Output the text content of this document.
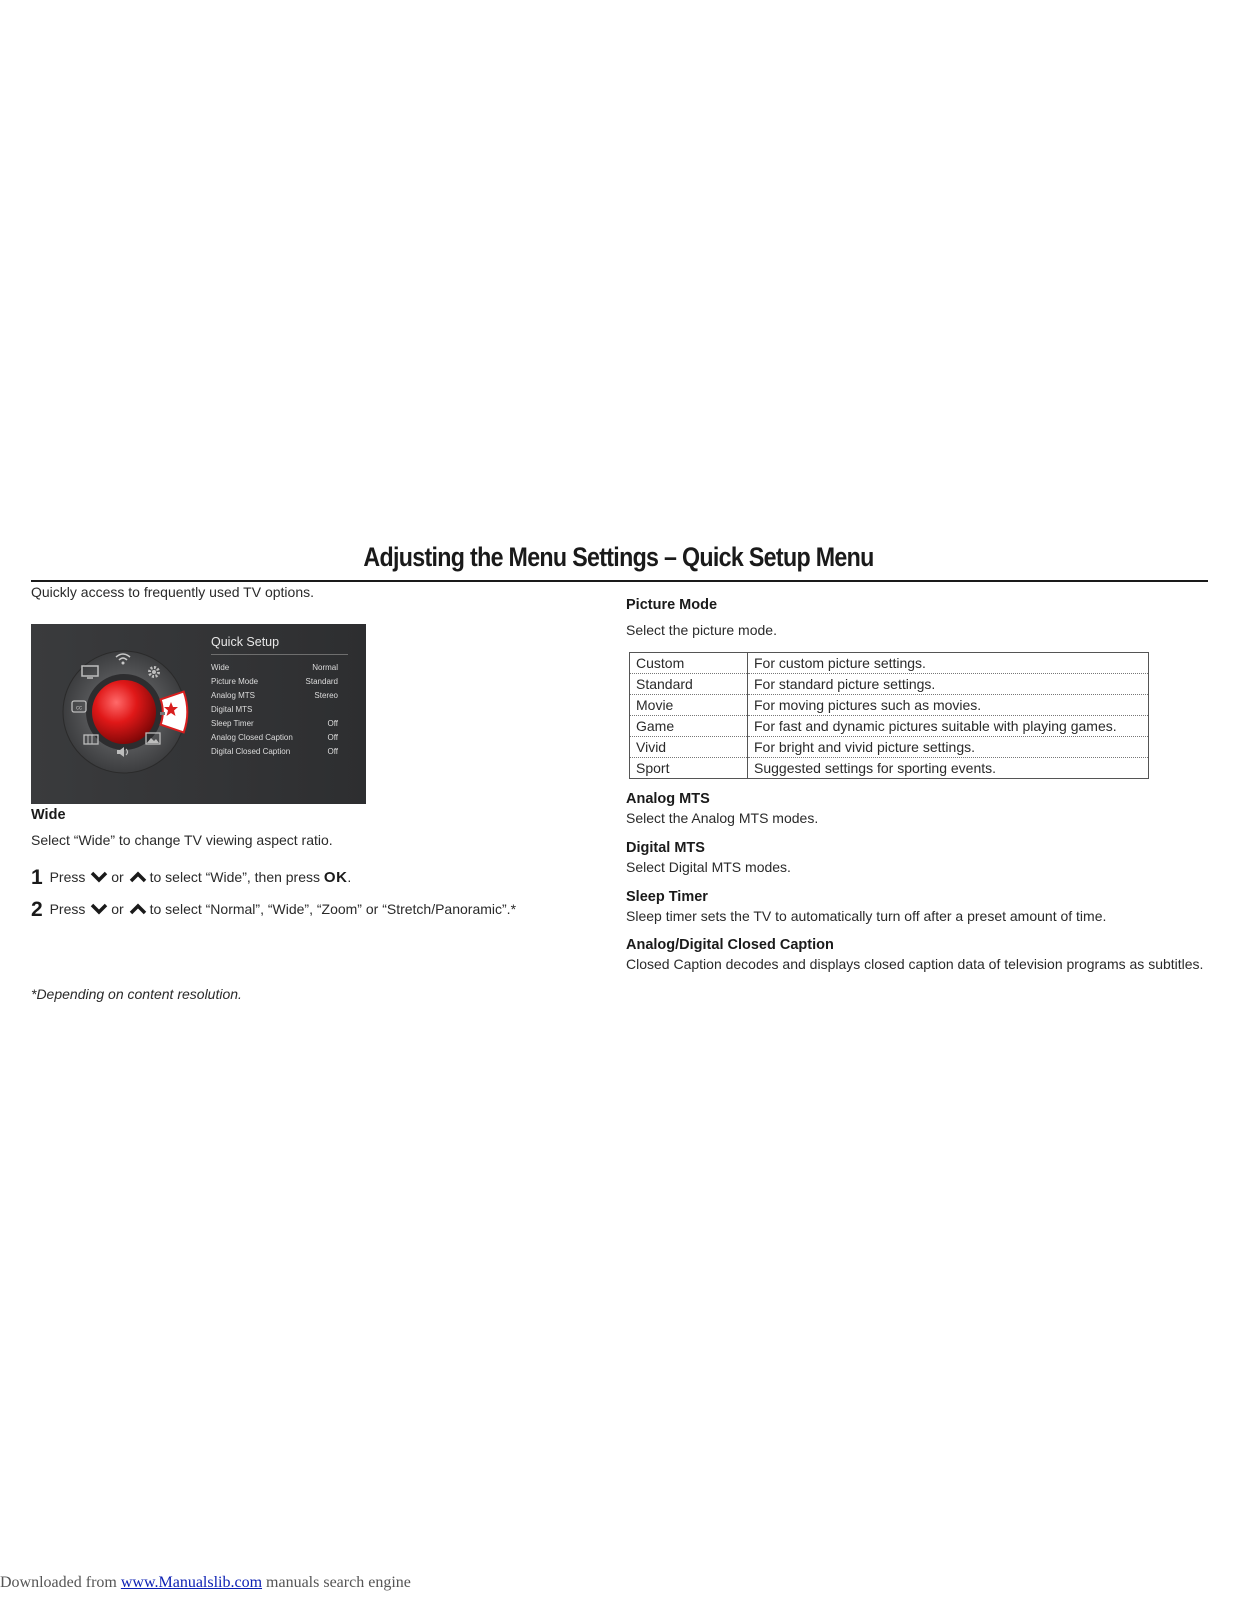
Adjusting the Menu Settings – Quick Setup Menu
Quickly access to frequently used TV options.
cc
Quick Setup
Wide	Normal
Picture Mode	Standard
Analog MTS	Stereo
Digital MTS
Sleep Timer	Off
Analog Closed Caption	Off
Digital Closed Caption	Off
Wide
Select “Wide” to change TV viewing aspect ratio.
1 Press or to select “Wide”, then press OK.
2 Press or to select “Normal”, “Wide”, “Zoom” or “Stretch/Panoramic”.*
*Depending on content resolution.
Picture Mode
Select the picture mode.
Custom	For custom picture settings.
Standard	For standard picture settings.
Movie	For moving pictures such as movies.
Game	For fast and dynamic pictures suitable with playing games.
Vivid	For bright and vivid picture settings.
Sport	Suggested settings for sporting events.
Analog MTS
Select the Analog MTS modes.
Digital MTS
Select Digital MTS modes.
Sleep Timer
Sleep timer sets the TV to automatically turn off after a preset amount of time.
Analog/Digital Closed Caption
Closed Caption decodes and displays closed caption data of television programs as subtitles.
Downloaded from www.Manualslib.com manuals search engine
